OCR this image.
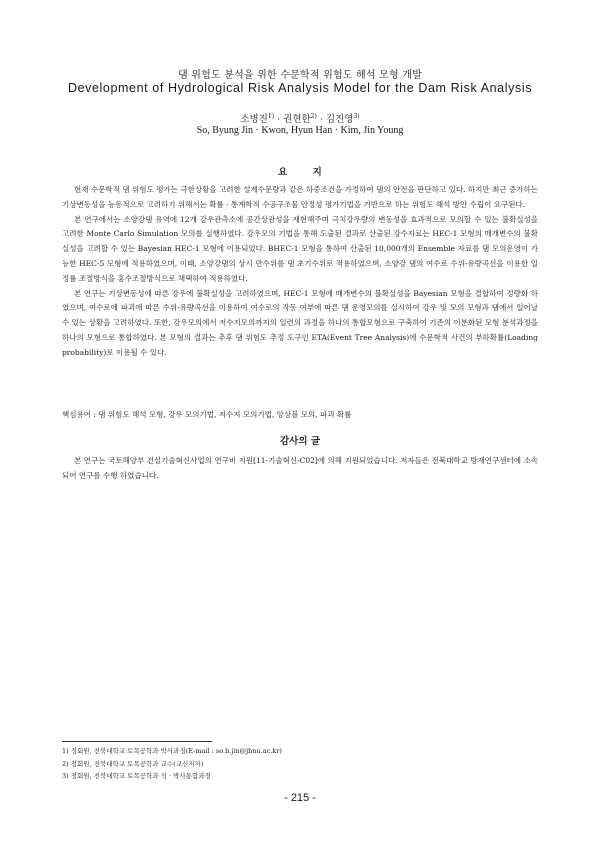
댐 위험도 분석을 위한 수문학적 위험도 해석 모형 개발
Development of Hydrological Risk Analysis Model for the Dam Risk Analysis
소병진$^{1)}$ · 권현한$^{2)}$ · 김진영$^{3)}$
So, Byung Jin · Kwon, Hyun Han · Kim, Jin Young
요 지

현재 수문학적 댐 위험도 평가는 극한상황을 고려한 설계수문량과 같은 하중조건을 가정하여 댐의 안전을 판단하고 있다. 하지만 최근 증가하는 기상변동성을 능동적으로 고려하기 위해서는 확률 · 통계학적 수공구조물 안정성 평가기법을 기반으로 하는 위험도 해석 방안 수립이 요구된다.

본 연구에서는 소양강댐 유역에 12개 강우관측소에 공간상관성을 재현해주며 극치강우량의 변동성을 효과적으로 모의할 수 있는 불확실성을 고려한 Monte Carlo Simulation 모의를 실행하였다. 강우모의 기법을 통해 도출된 결과로 산출된 강수자료는 HEC-1 모형의 매개변수의 불확실성을 고려할 수 있는 Bayesian HEC-1 모형에 이용되었다. BHEC-1 모형을 통하여 산출된 10,000개의 Ensemble 자료를 댐 모의운영이 가능한 HEC-5 모형에 적용하였으며, 이때, 소양강댐의 상시 만수위를 댐 초기수위로 적용하였으며, 소양강 댐의 여수로 수위-유량곡선을 이용한 일정률 조절방식을 홍수조절방식으로 채택하여 적용하였다.

본 연구는 기상변동성에 따른 강우에 불확실성을 고려하였으며, HEC-1 모형에 매개변수의 불확실성을 Bayesian 모형을 결합하여 정량화 하였으며, 여수로에 파괴에 따른 수위-유량곡선을 이용하여 여수로의 작동 여부에 따른 댐 운영모의를 실시하여 강우 및 모의 모형과 댐에서 일어날 수 있는 상황을 고려하였다. 또한, 강우모의에서 저수지모의까지의 일련의 과정을 하나의 통합모형으로 구축하여 기존의 이분화된 모형 분석과정을 하나의 모형으로 통합하였다. 본 모형의 결과는 추후 댐 위험도 추정 도구인 ETA(Event Tree Analysis)에 수문학적 사건의 부하확률(Loading probability)로 이용될 수 있다.

핵심용어 : 댐 위험도 해석 모형, 강우 모의기법, 저수지 모의기법, 앙상블 모의, 파괴 확률
감사의 글

본 연구는 국토해양부 건설기술혁신사업의 연구비 지원[11-기술혁신-C02]에 의해 지원되었습니다. 저자들은 전북대학교 방재연구센터에 소속되어 연구를 수행 하였습니다.

1) 정회원, 전북대학교 토목공학과 박사과정(E-mail : so.b.jin@jbnu.ac.kr)
2) 정회원, 전북대학교 토목공학과 교수(교신저자)
3) 정회원, 전북대학교 토목공학과 석 · 박사통합과정
- 215 -
